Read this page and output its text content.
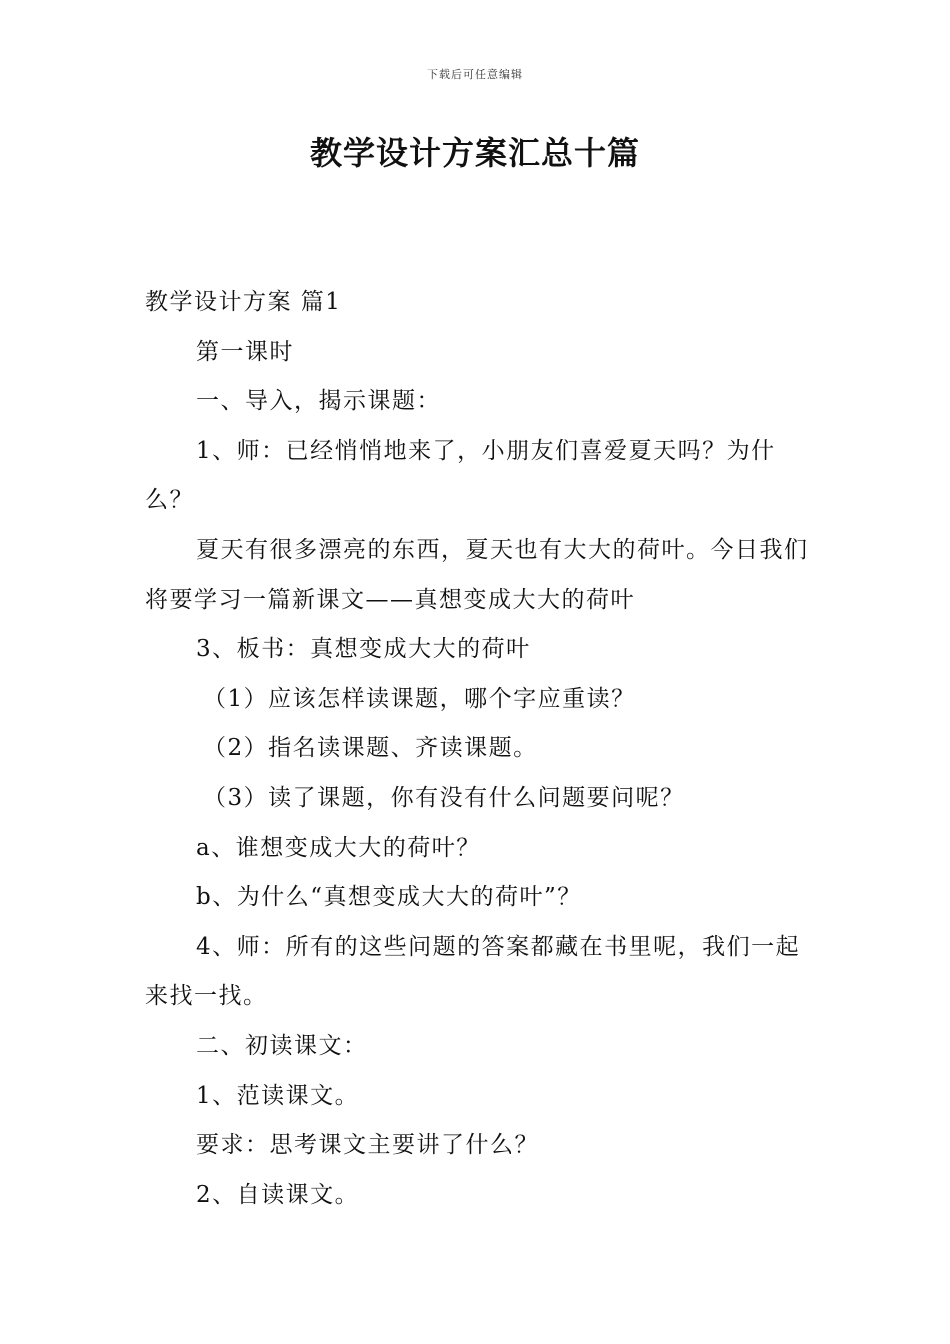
下载后可任意编辑
教学设计方案汇总十篇

教学设计方案 篇1

第一课时

一、导入，揭示课题：

1、师：已经悄悄地来了，小朋友们喜爱夏天吗？为什么？

夏天有很多漂亮的东西，夏天也有大大的荷叶。今日我们将要学习一篇新课文——真想变成大大的荷叶

3、板书：真想变成大大的荷叶

（1）应该怎样读课题，哪个字应重读？

（2）指名读课题、齐读课题。

（3）读了课题，你有没有什么问题要问呢？

a、谁想变成大大的荷叶？

b、为什么“真想变成大大的荷叶”？

4、师：所有的这些问题的答案都藏在书里呢，我们一起来找一找。

二、初读课文：

1、范读课文。

要求：思考课文主要讲了什么？

2、自读课文。
